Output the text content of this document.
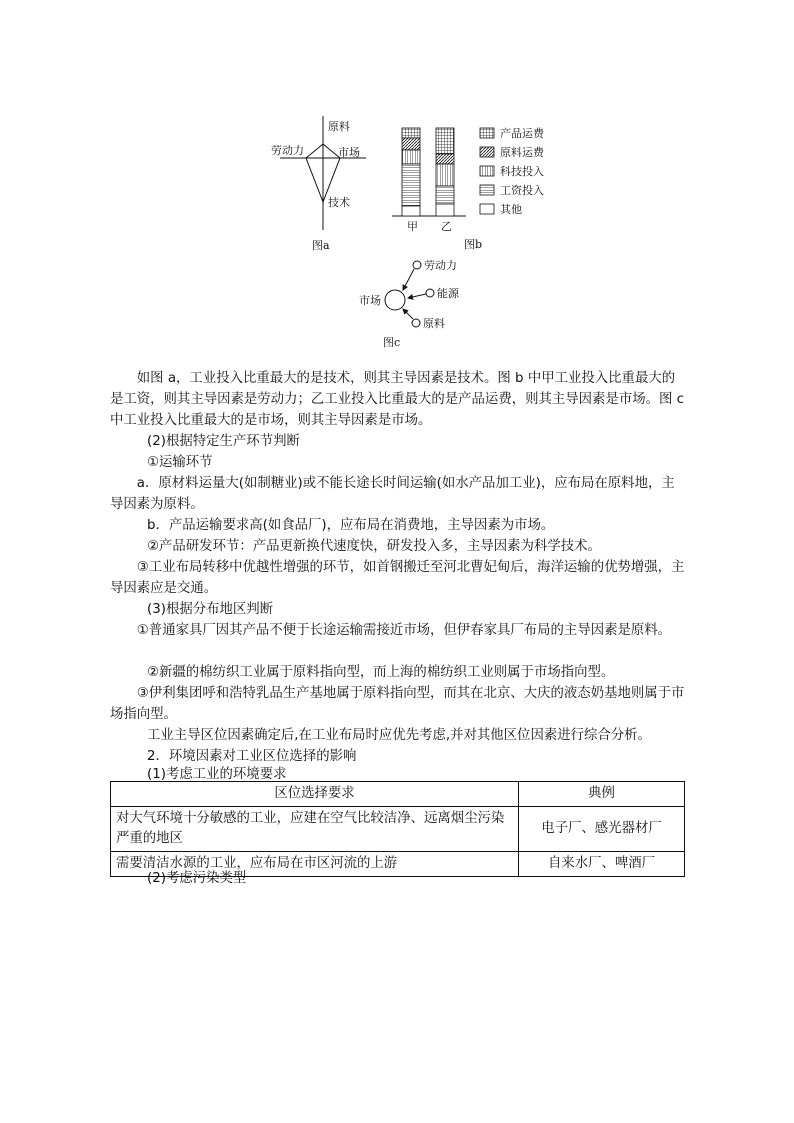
原料
劳动力	市场
技术
图a
甲 乙
产品运费
原料运费
科技投入
工资投入
其他
图b
市场
劳动力
能源
原料
图c
如图 a，工业投入比重最大的是技术，则其主导因素是技术。图 b 中甲工业投入比重最大的是工资，则其主导因素是劳动力；乙工业投入比重最大的是产品运费，则其主导因素是市场。图 c 中工业投入比重最大的是市场，则其主导因素是市场。
(2)根据特定生产环节判断
①运输环节
a．原材料运量大(如制糖业)或不能长途长时间运输(如水产品加工业)，应布局在原料地，主导因素为原料。
b．产品运输要求高(如食品厂)，应布局在消费地，主导因素为市场。
②产品研发环节：产品更新换代速度快，研发投入多，主导因素为科学技术。
③工业布局转移中优越性增强的环节，如首钢搬迁至河北曹妃甸后，海洋运输的优势增强，主导因素应是交通。
(3)根据分布地区判断
①普通家具厂因其产品不便于长途运输需接近市场，但伊春家具厂布局的主导因素是原料。
②新疆的棉纺织工业属于原料指向型，而上海的棉纺织工业则属于市场指向型。
③伊利集团呼和浩特乳品生产基地属于原料指向型，而其在北京、大庆的液态奶基地则属于市场指向型。
工业主导区位因素确定后,在工业布局时应优先考虑,并对其他区位因素进行综合分析。
2．环境因素对工业区位选择的影响
(1)考虑工业的环境要求
区位选择要求	典例
对大气环境十分敏感的工业，应建在空气比较洁净、远离烟尘污染严重的地区	电子厂、感光器材厂
需要清洁水源的工业，应布局在市区河流的上游	自来水厂、啤酒厂
(2)考虑污染类型
